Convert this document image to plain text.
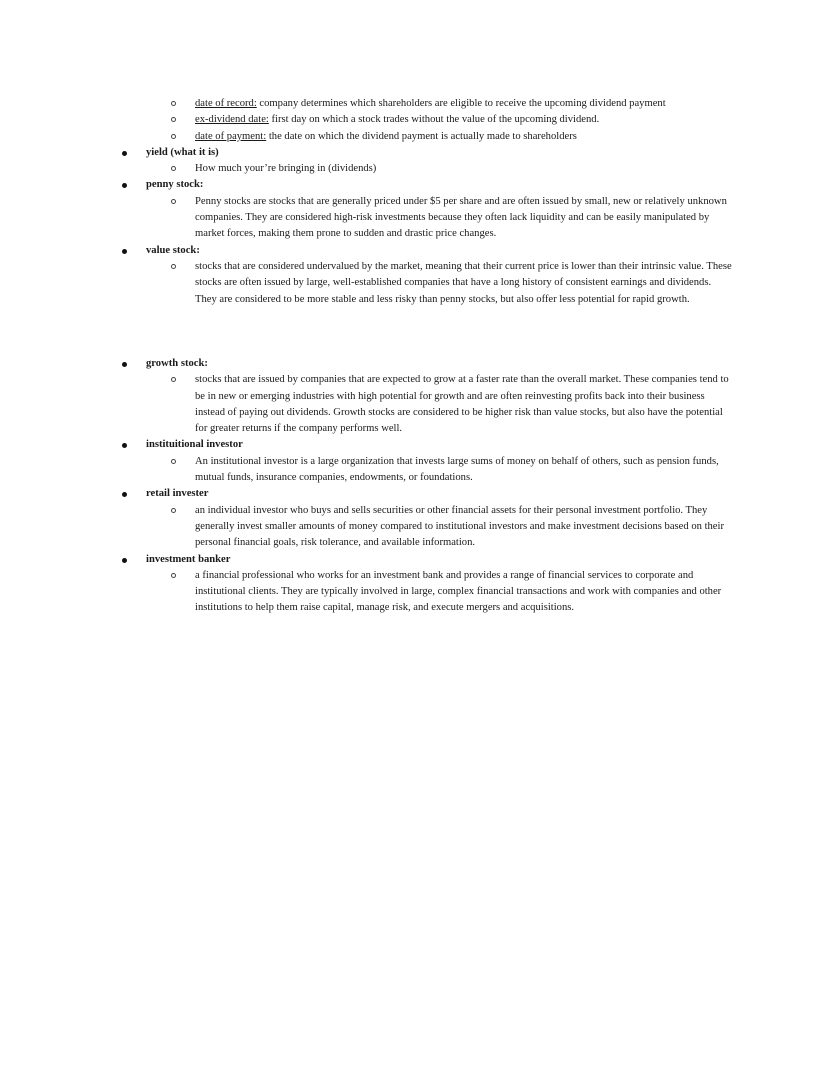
date of record: company determines which shareholders are eligible to receive the upcoming dividend payment
ex-dividend date: first day on which a stock trades without the value of the upcoming dividend.
date of payment: the date on which the dividend payment is actually made to shareholders
yield (what it is)
How much your’re bringing in (dividends)
penny stock:
Penny stocks are stocks that are generally priced under $5 per share and are often issued by small, new or relatively unknown companies. They are considered high-risk investments because they often lack liquidity and can be easily manipulated by market forces, making them prone to sudden and drastic price changes.
value stock:
stocks that are considered undervalued by the market, meaning that their current price is lower than their intrinsic value. These stocks are often issued by large, well-established companies that have a long history of consistent earnings and dividends. They are considered to be more stable and less risky than penny stocks, but also offer less potential for rapid growth.
growth stock:
stocks that are issued by companies that are expected to grow at a faster rate than the overall market. These companies tend to be in new or emerging industries with high potential for growth and are often reinvesting profits back into their business instead of paying out dividends. Growth stocks are considered to be higher risk than value stocks, but also have the potential for greater returns if the company performs well.
instituitional investor
An institutional investor is a large organization that invests large sums of money on behalf of others, such as pension funds, mutual funds, insurance companies, endowments, or foundations.
retail invester
an individual investor who buys and sells securities or other financial assets for their personal investment portfolio. They generally invest smaller amounts of money compared to institutional investors and make investment decisions based on their personal financial goals, risk tolerance, and available information.
investment banker
a financial professional who works for an investment bank and provides a range of financial services to corporate and institutional clients. They are typically involved in large, complex financial transactions and work with companies and other institutions to help them raise capital, manage risk, and execute mergers and acquisitions.
